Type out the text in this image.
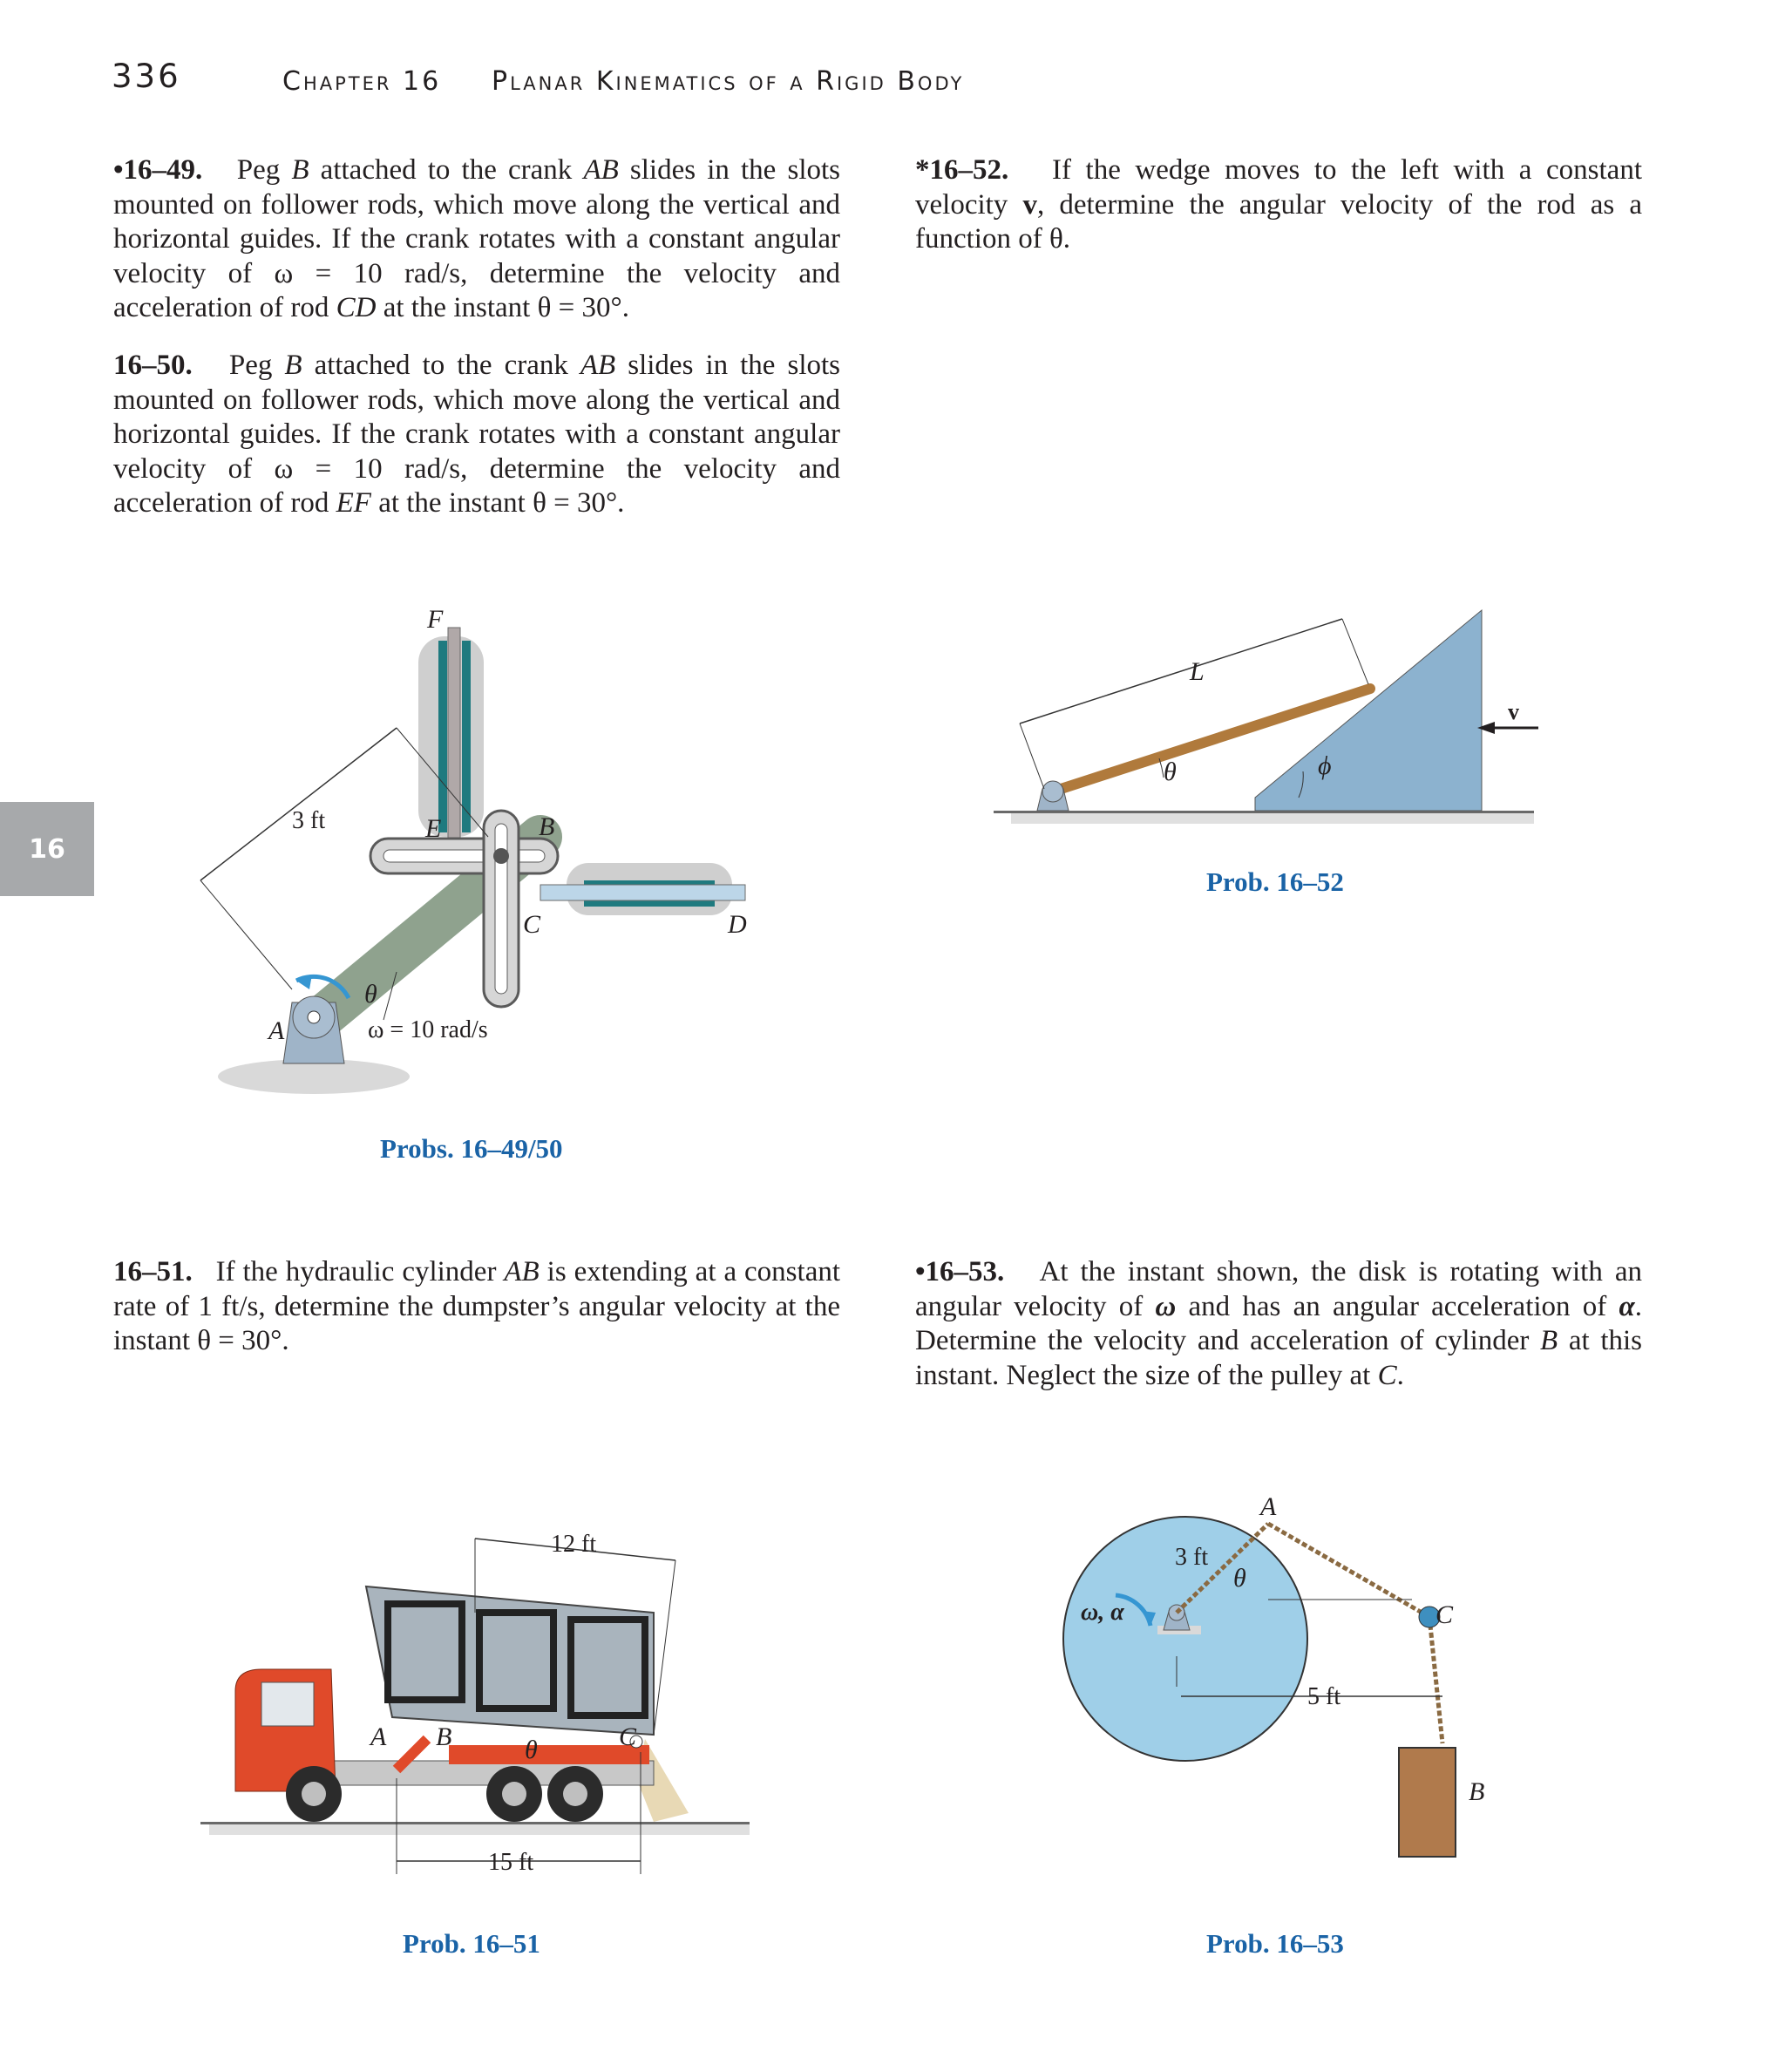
336	Chapter 16 Planar Kinematics of a Rigid Body
16
•16–49. Peg B attached to the crank AB slides in the slots mounted on follower rods, which move along the vertical and horizontal guides. If the crank rotates with a constant angular velocity of ω = 10 rad/s, determine the velocity and acceleration of rod CD at the instant θ = 30°.
16–50. Peg B attached to the crank AB slides in the slots mounted on follower rods, which move along the vertical and horizontal guides. If the crank rotates with a constant angular velocity of ω = 10 rad/s, determine the velocity and acceleration of rod EF at the instant θ = 30°.
*16–52. If the wedge moves to the left with a constant velocity v, determine the angular velocity of the rod as a function of θ.
16–51. If the hydraulic cylinder AB is extending at a constant rate of 1 ft/s, determine the dumpster’s angular velocity at the instant θ = 30°.
•16–53. At the instant shown, the disk is rotating with an angular velocity of ω and has an angular acceleration of α. Determine the velocity and acceleration of cylinder B at this instant. Neglect the size of the pulley at C.
F
E	B
C	D
A
3 ft
θ
ω = 10 rad/s
Probs. 16–49/50
L
θ	ϕ
v
Prob. 16–52
12 ft
15 ft
A B	C
θ
Prob. 16–51
A
C
B
3 ft
5 ft
θ
ω, α
Prob. 16–53
